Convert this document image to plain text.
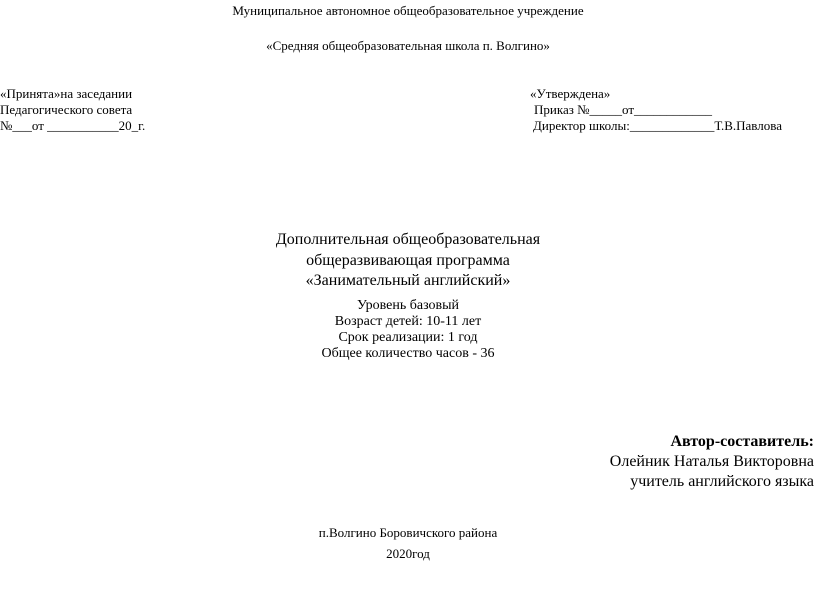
Муниципальное автономное общеобразовательное учреждение
«Средняя общеобразовательная школа п. Волгино»
«Принята»на заседании
Педагогического совета
№___от ___________20_г.
«Утверждена»
Приказ №_____от____________
Директор школы:_____________Т.В.Павлова
Дополнительная общеобразовательная
общеразвивающая программа
«Занимательный английский»
Уровень базовый
Возраст детей: 10-11 лет
Срок реализации: 1 год
Общее количество часов - 36
Автор-составитель:
Олейник Наталья Викторовна
учитель английского языка
п.Волгино Боровичского района
2020год
